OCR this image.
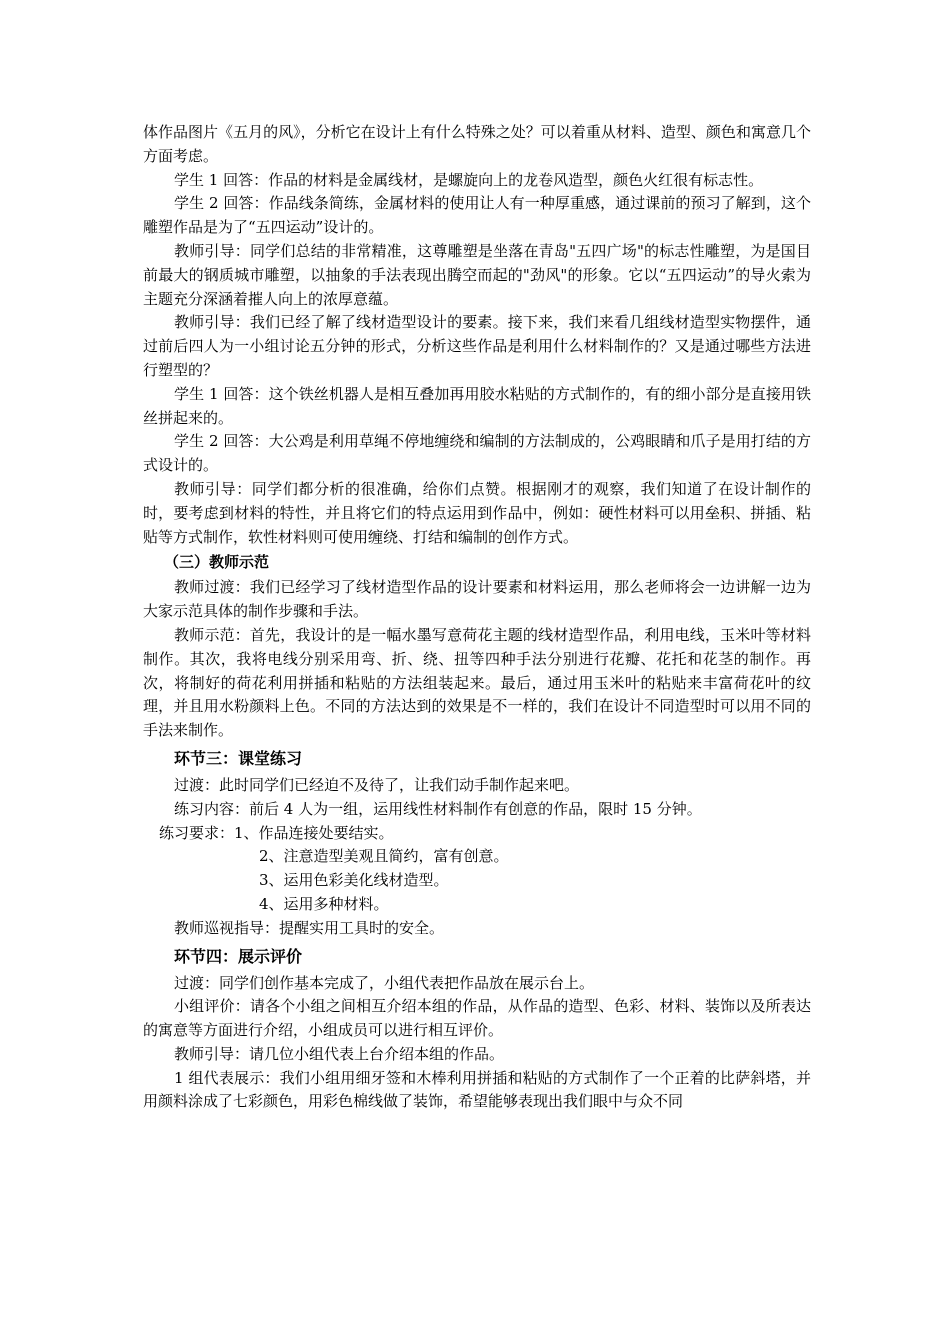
体作品图片《五月的风》，分析它在设计上有什么特殊之处？可以着重从材料、造型、颜色和寓意几个方面考虑。

学生 1 回答：作品的材料是金属线材，是螺旋向上的龙卷风造型，颜色火红很有标志性。

学生 2 回答：作品线条简练，金属材料的使用让人有一种厚重感，通过课前的预习了解到，这个雕塑作品是为了“五四运动”设计的。

教师引导：同学们总结的非常精准，这尊雕塑是坐落在青岛"五四广场"的标志性雕塑，为是国目前最大的钢质城市雕塑，以抽象的手法表现出腾空而起的"劲风"的形象。它以“五四运动”的导火索为主题充分深涵着摧人向上的浓厚意蕴。

教师引导：我们已经了解了线材造型设计的要素。接下来，我们来看几组线材造型实物摆件，通过前后四人为一小组讨论五分钟的形式，分析这些作品是利用什么材料制作的？又是通过哪些方法进行塑型的？

学生 1 回答：这个铁丝机器人是相互叠加再用胶水粘贴的方式制作的，有的细小部分是直接用铁丝拼起来的。

学生 2 回答：大公鸡是利用草绳不停地缠绕和编制的方法制成的，公鸡眼睛和爪子是用打结的方式设计的。

教师引导：同学们都分析的很准确，给你们点赞。根据刚才的观察，我们知道了在设计制作的时，要考虑到材料的特性，并且将它们的特点运用到作品中，例如：硬性材料可以用垒积、拼插、粘贴等方式制作，软性材料则可使用缠绕、打结和编制的创作方式。

（三）教师示范

教师过渡：我们已经学习了线材造型作品的设计要素和材料运用，那么老师将会一边讲解一边为大家示范具体的制作步骤和手法。

教师示范：首先，我设计的是一幅水墨写意荷花主题的线材造型作品，利用电线，玉米叶等材料制作。其次，我将电线分别采用弯、折、绕、扭等四种手法分别进行花瓣、花托和花茎的制作。再次，将制好的荷花利用拼插和粘贴的方法组装起来。最后，通过用玉米叶的粘贴来丰富荷花叶的纹理，并且用水粉颜料上色。不同的方法达到的效果是不一样的，我们在设计不同造型时可以用不同的手法来制作。

环节三：课堂练习

过渡：此时同学们已经迫不及待了，让我们动手制作起来吧。

练习内容：前后 4 人为一组，运用线性材料制作有创意的作品，限时 15 分钟。

练习要求：1、作品连接处要结实。

2、注意造型美观且简约，富有创意。

3、运用色彩美化线材造型。

4、运用多种材料。

教师巡视指导：提醒实用工具时的安全。

环节四：展示评价

过渡：同学们创作基本完成了，小组代表把作品放在展示台上。

小组评价：请各个小组之间相互介绍本组的作品，从作品的造型、色彩、材料、装饰以及所表达的寓意等方面进行介绍，小组成员可以进行相互评价。

教师引导：请几位小组代表上台介绍本组的作品。

1 组代表展示：我们小组用细牙签和木棒利用拼插和粘贴的方式制作了一个正着的比萨斜塔，并用颜料涂成了七彩颜色，用彩色棉线做了装饰，希望能够表现出我们眼中与众不同
